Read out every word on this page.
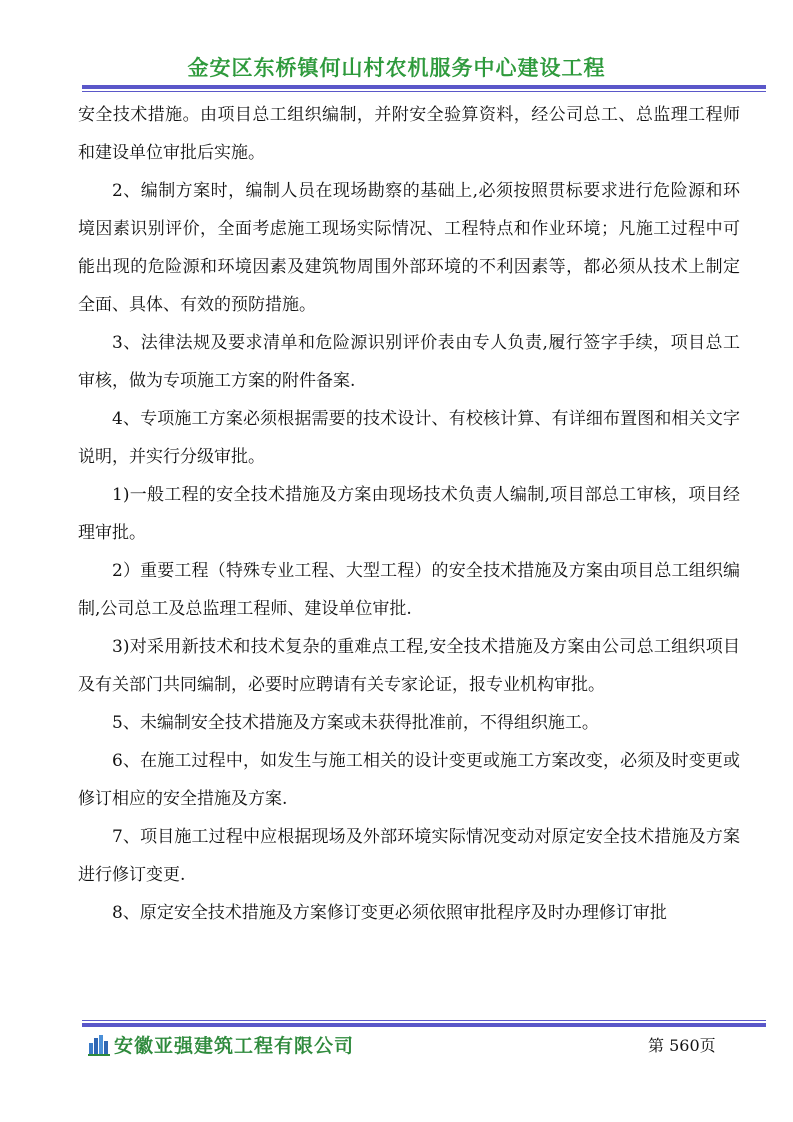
金安区东桥镇何山村农机服务中心建设工程

安全技术措施。由项目总工组织编制，并附安全验算资料，经公司总工、总监理工程师和建设单位审批后实施。

2、编制方案时，编制人员在现场勘察的基础上,必须按照贯标要求进行危险源和环境因素识别评价，全面考虑施工现场实际情况、工程特点和作业环境；凡施工过程中可能出现的危险源和环境因素及建筑物周围外部环境的不利因素等，都必须从技术上制定全面、具体、有效的预防措施。

3、法律法规及要求清单和危险源识别评价表由专人负责,履行签字手续，项目总工审核，做为专项施工方案的附件备案.

4、专项施工方案必须根据需要的技术设计、有校核计算、有详细布置图和相关文字说明，并实行分级审批。

1)一般工程的安全技术措施及方案由现场技术负责人编制,项目部总工审核，项目经理审批。

2）重要工程（特殊专业工程、大型工程）的安全技术措施及方案由项目总工组织编制,公司总工及总监理工程师、建设单位审批.

3)对采用新技术和技术复杂的重难点工程,安全技术措施及方案由公司总工组织项目及有关部门共同编制，必要时应聘请有关专家论证，报专业机构审批。

5、未编制安全技术措施及方案或未获得批准前，不得组织施工。

6、在施工过程中，如发生与施工相关的设计变更或施工方案改变，必须及时变更或修订相应的安全措施及方案.

7、项目施工过程中应根据现场及外部环境实际情况变动对原定安全技术措施及方案进行修订变更.

8、原定安全技术措施及方案修订变更必须依照审批程序及时办理修订审批

安徽亚强建筑工程有限公司	第 560页
